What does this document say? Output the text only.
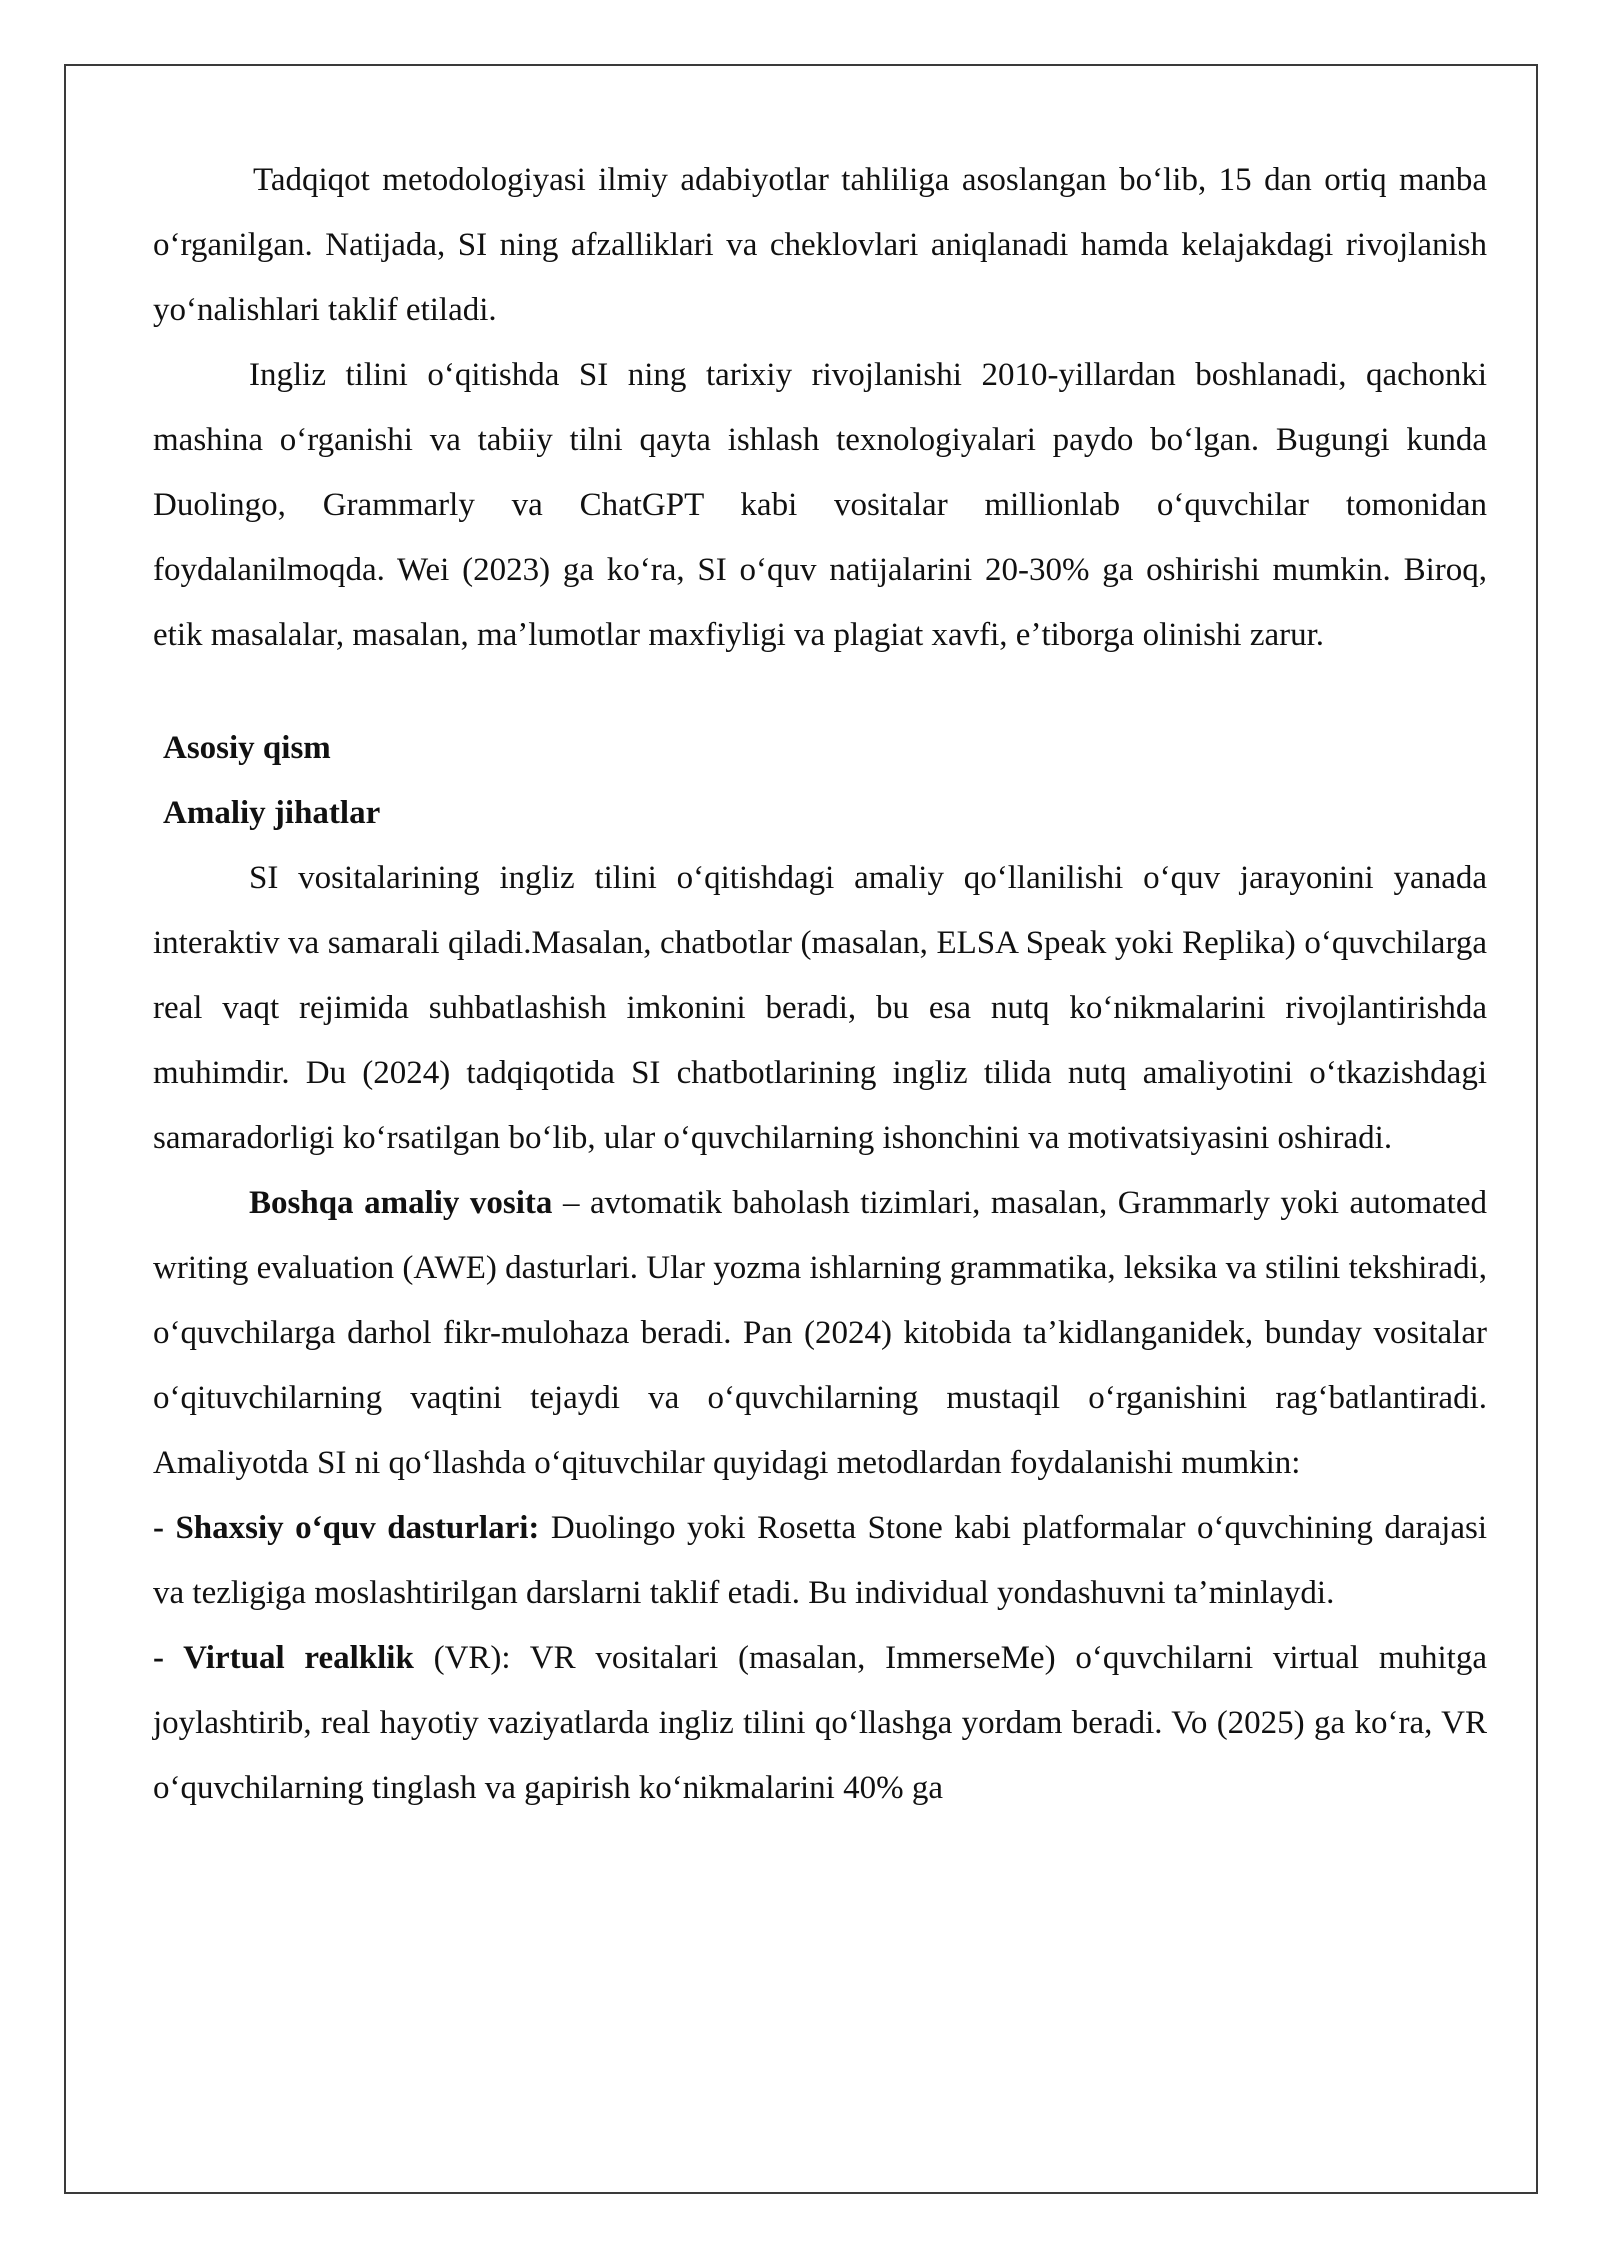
Tadqiqot metodologiyasi ilmiy adabiyotlar tahliliga asoslangan boʻlib, 15 dan ortiq manba oʻrganilgan. Natijada, SI ning afzalliklari va cheklovlari aniqlanadi hamda kelajakdagi rivojlanish yoʻnalishlari taklif etiladi.

Ingliz tilini oʻqitishda SI ning tarixiy rivojlanishi 2010-yillardan boshlanadi, qachonki mashina oʻrganishi va tabiiy tilni qayta ishlash texnologiyalari paydo boʻlgan. Bugungi kunda Duolingo, Grammarly va ChatGPT kabi vositalar millionlab oʻquvchilar tomonidan foydalanilmoqda. Wei (2023) ga koʻra, SI oʻquv natijalarini 20-30% ga oshirishi mumkin. Biroq, etik masalalar, masalan, maʼlumotlar maxfiyligi va plagiat xavfi, eʼtiborga olinishi zarur.

Asosiy qism

Amaliy jihatlar

SI vositalarining ingliz tilini oʻqitishdagi amaliy qoʻllanilishi oʻquv jarayonini yanada interaktiv va samarali qiladi.Masalan, chatbotlar (masalan, ELSA Speak yoki Replika) oʻquvchilarga real vaqt rejimida suhbatlashish imkonini beradi, bu esa nutq koʻnikmalarini rivojlantirishda muhimdir. Du (2024) tadqiqotida SI chatbotlarining ingliz tilida nutq amaliyotini oʻtkazishdagi samaradorligi koʻrsatilgan boʻlib, ular oʻquvchilarning ishonchini va motivatsiyasini oshiradi.

Boshqa amaliy vosita – avtomatik baholash tizimlari, masalan, Grammarly yoki automated writing evaluation (AWE) dasturlari. Ular yozma ishlarning grammatika, leksika va stilini tekshiradi, oʻquvchilarga darhol fikr-mulohaza beradi. Pan (2024) kitobida taʼkidlanganidek, bunday vositalar oʻqituvchilarning vaqtini tejaydi va oʻquvchilarning mustaqil oʻrganishini ragʻbatlantiradi. Amaliyotda SI ni qoʻllashda oʻqituvchilar quyidagi metodlardan foydalanishi mumkin:

- Shaxsiy oʻquv dasturlari: Duolingo yoki Rosetta Stone kabi platformalar oʻquvchining darajasi va tezligiga moslashtirilgan darslarni taklif etadi. Bu individual yondashuvni taʼminlaydi.

- Virtual realklik (VR): VR vositalari (masalan, ImmerseMe) oʻquvchilarni virtual muhitga joylashtirib, real hayotiy vaziyatlarda ingliz tilini qoʻllashga yordam beradi. Vo (2025) ga koʻra, VR oʻquvchilarning tinglash va gapirish koʻnikmalarini 40% ga
